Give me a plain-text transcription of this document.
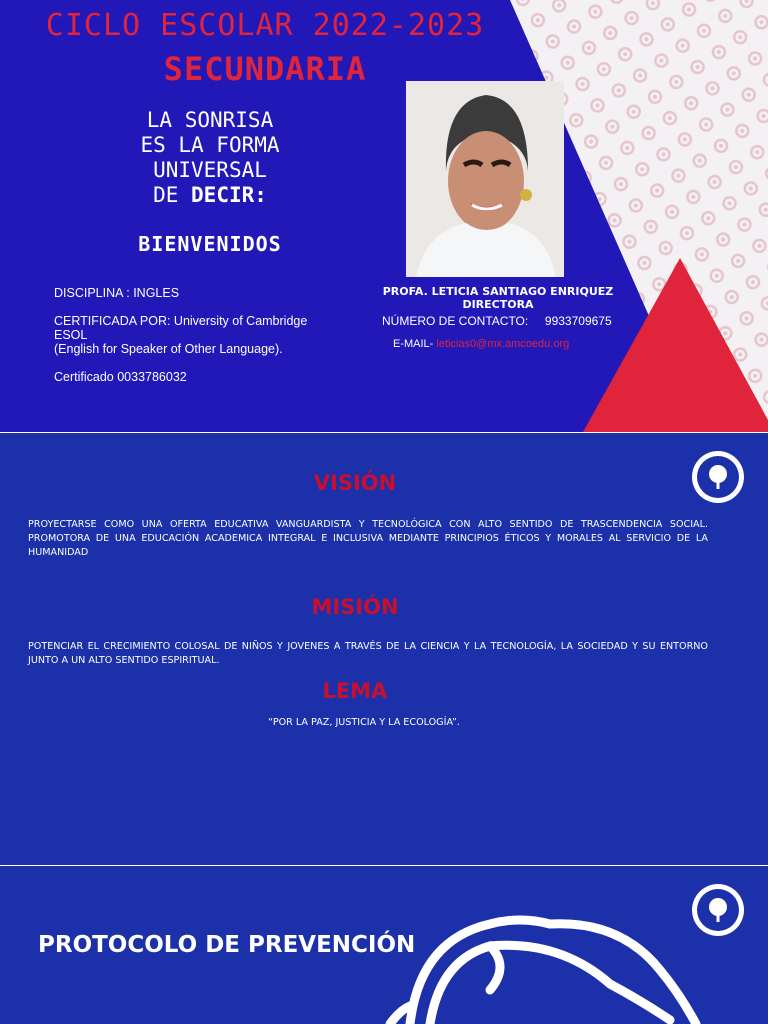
CICLO ESCOLAR 2022-2023
SECUNDARIA
LA SONRISA
ES LA FORMA
UNIVERSAL
DE DECIR:
BIENVENIDOS
DISCIPLINA : INGLES
CERTIFICADA POR: University of Cambridge
ESOL
(English for Speaker of Other Language).
Certificado 0033786032
PROFA. LETICIA SANTIAGO ENRIQUEZ
DIRECTORA
NÚMERO DE CONTACTO: 9933709675
E-MAIL- leticias0@mx.amcoedu.org
VISIÓN
PROYECTARSE COMO UNA OFERTA EDUCATIVA VANGUARDISTA Y TECNOLÓGICA CON ALTO SENTIDO DE TRASCENDENCIA SOCIAL. PROMOTORA DE UNA EDUCACIÓN ACADEMICA INTEGRAL E INCLUSIVA MEDIANTE PRINCIPIOS ÉTICOS Y MORALES AL SERVICIO DE LA HUMANIDAD
MISIÓN
POTENCIAR EL CRECIMIENTO COLOSAL DE NIÑOS Y JOVENES A TRAVÉS DE LA CIENCIA Y LA TECNOLOGÍA, LA SOCIEDAD Y SU ENTORNO JUNTO A UN ALTO SENTIDO ESPIRITUAL.
LEMA
“POR LA PAZ, JUSTICIA Y LA ECOLOGÍA”.
PROTOCOLO DE PREVENCIÓN
